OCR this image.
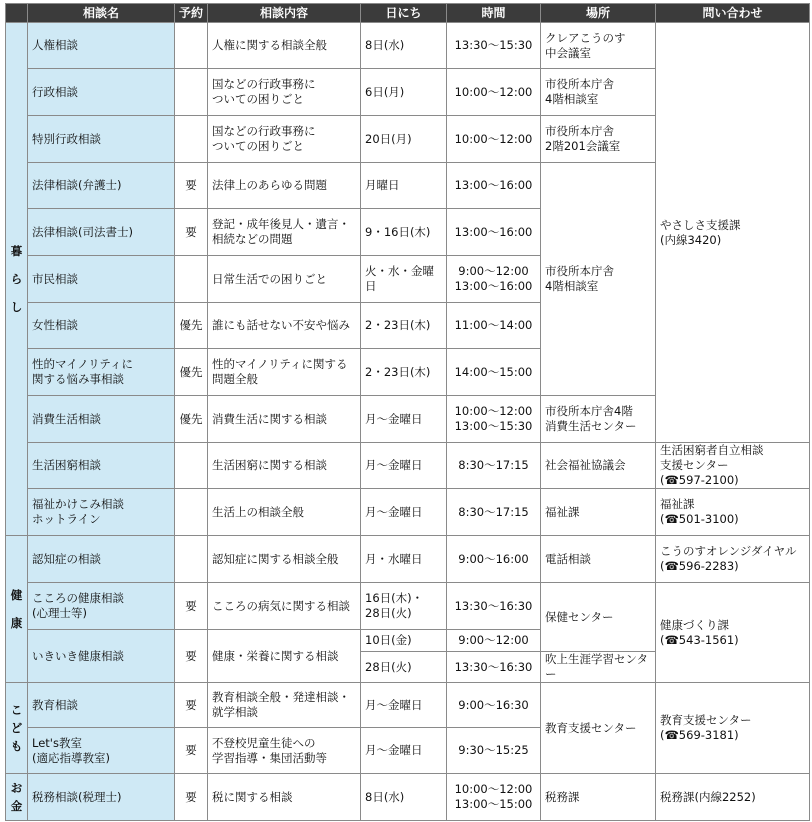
	相談名	予約	相談内容	日にち	時間	場所	問い合わせ
暮
ら
し	人権相談		人権に関する相談全般	8日(水)	13:30〜15:30	クレアこうのす
中会議室	やさしさ支援課
(内線3420)
	行政相談		国などの行政事務に
ついての困りごと	6日(月)	10:00〜12:00	市役所本庁舎
4階相談室	
	特別行政相談		国などの行政事務に
ついての困りごと	20日(月)	10:00〜12:00	市役所本庁舎
2階201会議室	
	法律相談(弁護士)	要	法律上のあらゆる問題	月曜日	13:00〜16:00	市役所本庁舎
4階相談室	
	法律相談(司法書士)	要	登記・成年後見人・遺言・
相続などの問題	9・16日(木)	13:00〜16:00		
	市民相談		日常生活での困りごと	火・水・金曜日	9:00〜12:00
13:00〜16:00		
	女性相談	優先	誰にも話せない不安や悩み	2・23日(木)	11:00〜14:00		
	性的マイノリティに
関する悩み事相談	優先	性的マイノリティに関する
問題全般	2・23日(木)	14:00〜15:00		
	消費生活相談	優先	消費生活に関する相談	月〜金曜日	10:00〜12:00
13:00〜15:30	市役所本庁舎4階
消費生活センター	
	生活困窮相談		生活困窮に関する相談	月〜金曜日	8:30〜17:15	社会福祉協議会	生活困窮者自立相談
支援センター
(☎597-2100)
	福祉かけこみ相談
ホットライン		生活上の相談全般	月〜金曜日	8:30〜17:15	福祉課	福祉課
(☎501-3100)
健
康	認知症の相談		認知症に関する相談全般	月・水曜日	9:00〜16:00	電話相談	こうのすオレンジダイヤル
(☎596-2283)
	こころの健康相談
(心理士等)	要	こころの病気に関する相談	16日(木)・
28日(火)	13:30〜16:30	保健センター	健康づくり課
(☎543-1561)
	いきいき健康相談	要	健康・栄養に関する相談	10日(金)	9:00〜12:00		
				28日(火)	13:30〜16:30	吹上生涯学習センター	
こ
ど
も	教育相談	要	教育相談全般・発達相談・
就学相談	月〜金曜日	9:00〜16:30	教育支援センター	教育支援センター
(☎569-3181)
	Let's教室
(適応指導教室)	要	不登校児童生徒への
学習指導・集団活動等	月〜金曜日	9:30〜15:25		
お
金	税務相談(税理士)	要	税に関する相談	8日(水)	10:00〜12:00
13:00〜15:00	税務課	税務課(内線2252)
